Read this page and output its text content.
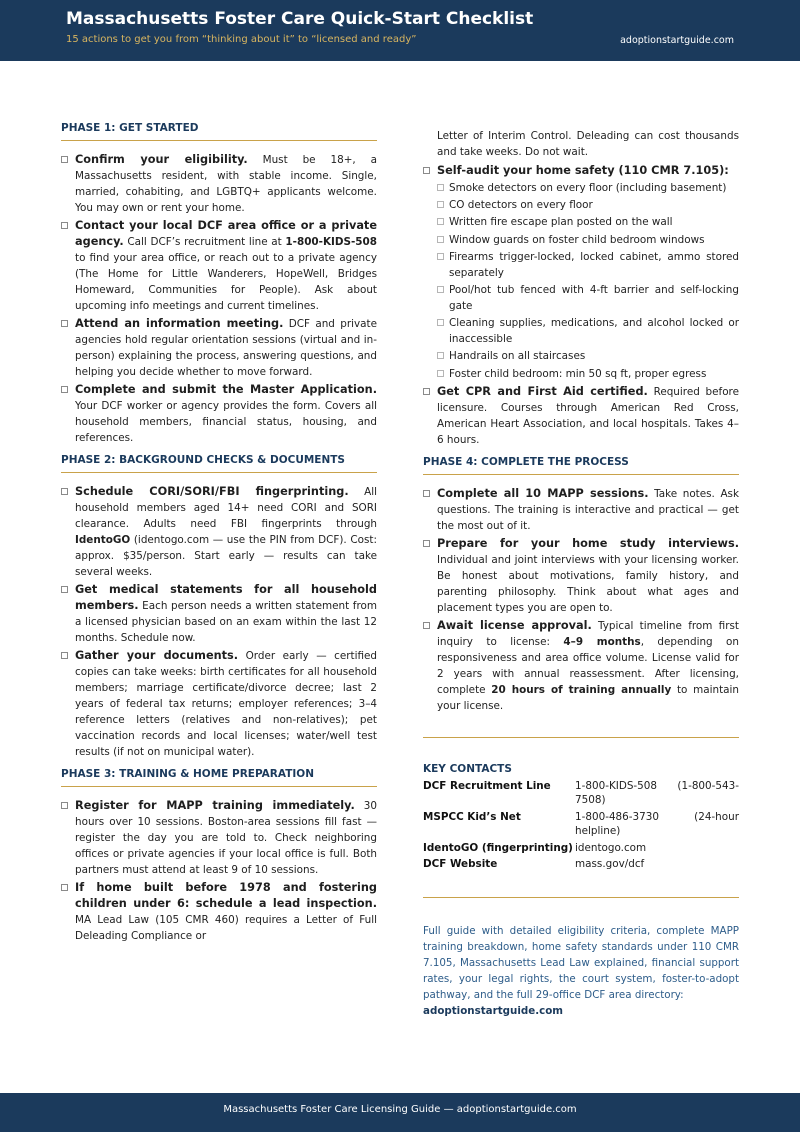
Massachusetts Foster Care Quick-Start Checklist
15 actions to get you from “thinking about it” to “licensed and ready”	adoptionstartguide.com
PHASE 1: GET STARTED
Confirm your eligibility. Must be 18+, a Massachusetts resident, with stable income. Single, married, cohabiting, and LGBTQ+ applicants welcome. You may own or rent your home.
Contact your local DCF area office or a private agency. Call DCF’s recruitment line at 1-800-KIDS-508 to find your area office, or reach out to a private agency (The Home for Little Wanderers, HopeWell, Bridges Homeward, Communities for People). Ask about upcoming info meetings and current timelines.
Attend an information meeting. DCF and private agencies hold regular orientation sessions (virtual and in-person) explaining the process, answering questions, and helping you decide whether to move forward.
Complete and submit the Master Application. Your DCF worker or agency provides the form. Covers all household members, financial status, housing, and references.
PHASE 2: BACKGROUND CHECKS & DOCUMENTS
Schedule CORI/SORI/FBI fingerprinting. All household members aged 14+ need CORI and SORI clearance. Adults need FBI fingerprints through IdentoGO (identogo.com — use the PIN from DCF). Cost: approx. $35/person. Start early — results can take several weeks.
Get medical statements for all household members. Each person needs a written statement from a licensed physician based on an exam within the last 12 months. Schedule now.
Gather your documents. Order early — certified copies can take weeks: birth certificates for all household members; marriage certificate/divorce decree; last 2 years of federal tax returns; employer references; 3–4 reference letters (relatives and non-relatives); pet vaccination records and local licenses; water/well test results (if not on municipal water).
PHASE 3: TRAINING & HOME PREPARATION
Register for MAPP training immediately. 30 hours over 10 sessions. Boston-area sessions fill fast — register the day you are told to. Check neighboring offices or private agencies if your local office is full. Both partners must attend at least 9 of 10 sessions.
If home built before 1978 and fostering children under 6: schedule a lead inspection. MA Lead Law (105 CMR 460) requires a Letter of Full Deleading Compliance or
Letter of Interim Control. Deleading can cost thousands and take weeks. Do not wait.
Self-audit your home safety (110 CMR 7.105):
Smoke detectors on every floor (including basement)
CO detectors on every floor
Written fire escape plan posted on the wall
Window guards on foster child bedroom windows
Firearms trigger-locked, locked cabinet, ammo stored separately
Pool/hot tub fenced with 4-ft barrier and self-locking gate
Cleaning supplies, medications, and alcohol locked or inaccessible
Handrails on all staircases
Foster child bedroom: min 50 sq ft, proper egress
Get CPR and First Aid certified. Required before licensure. Courses through American Red Cross, American Heart Association, and local hospitals. Takes 4–6 hours.
PHASE 4: COMPLETE THE PROCESS
Complete all 10 MAPP sessions. Take notes. Ask questions. The training is interactive and practical — get the most out of it.
Prepare for your home study interviews. Individual and joint interviews with your licensing worker. Be honest about motivations, family history, and parenting philosophy. Think about what ages and placement types you are open to.
Await license approval. Typical timeline from first inquiry to license: 4–9 months, depending on responsiveness and area office volume. License valid for 2 years with annual reassessment. After licensing, complete 20 hours of training annually to maintain your license.
KEY CONTACTS
DCF Recruitment Line	1-800-KIDS-508 (1-800-543-7508)
MSPCC Kid’s Net	1-800-486-3730 (24-hour helpline)
IdentoGO (fingerprinting)	identogo.com
DCF Website	mass.gov/dcf
Full guide with detailed eligibility criteria, complete MAPP training breakdown, home safety standards under 110 CMR 7.105, Massachusetts Lead Law explained, financial support rates, your legal rights, the court system, foster-to-adopt pathway, and the full 29-office DCF area directory:
adoptionstartguide.com
Massachusetts Foster Care Licensing Guide — adoptionstartguide.com
